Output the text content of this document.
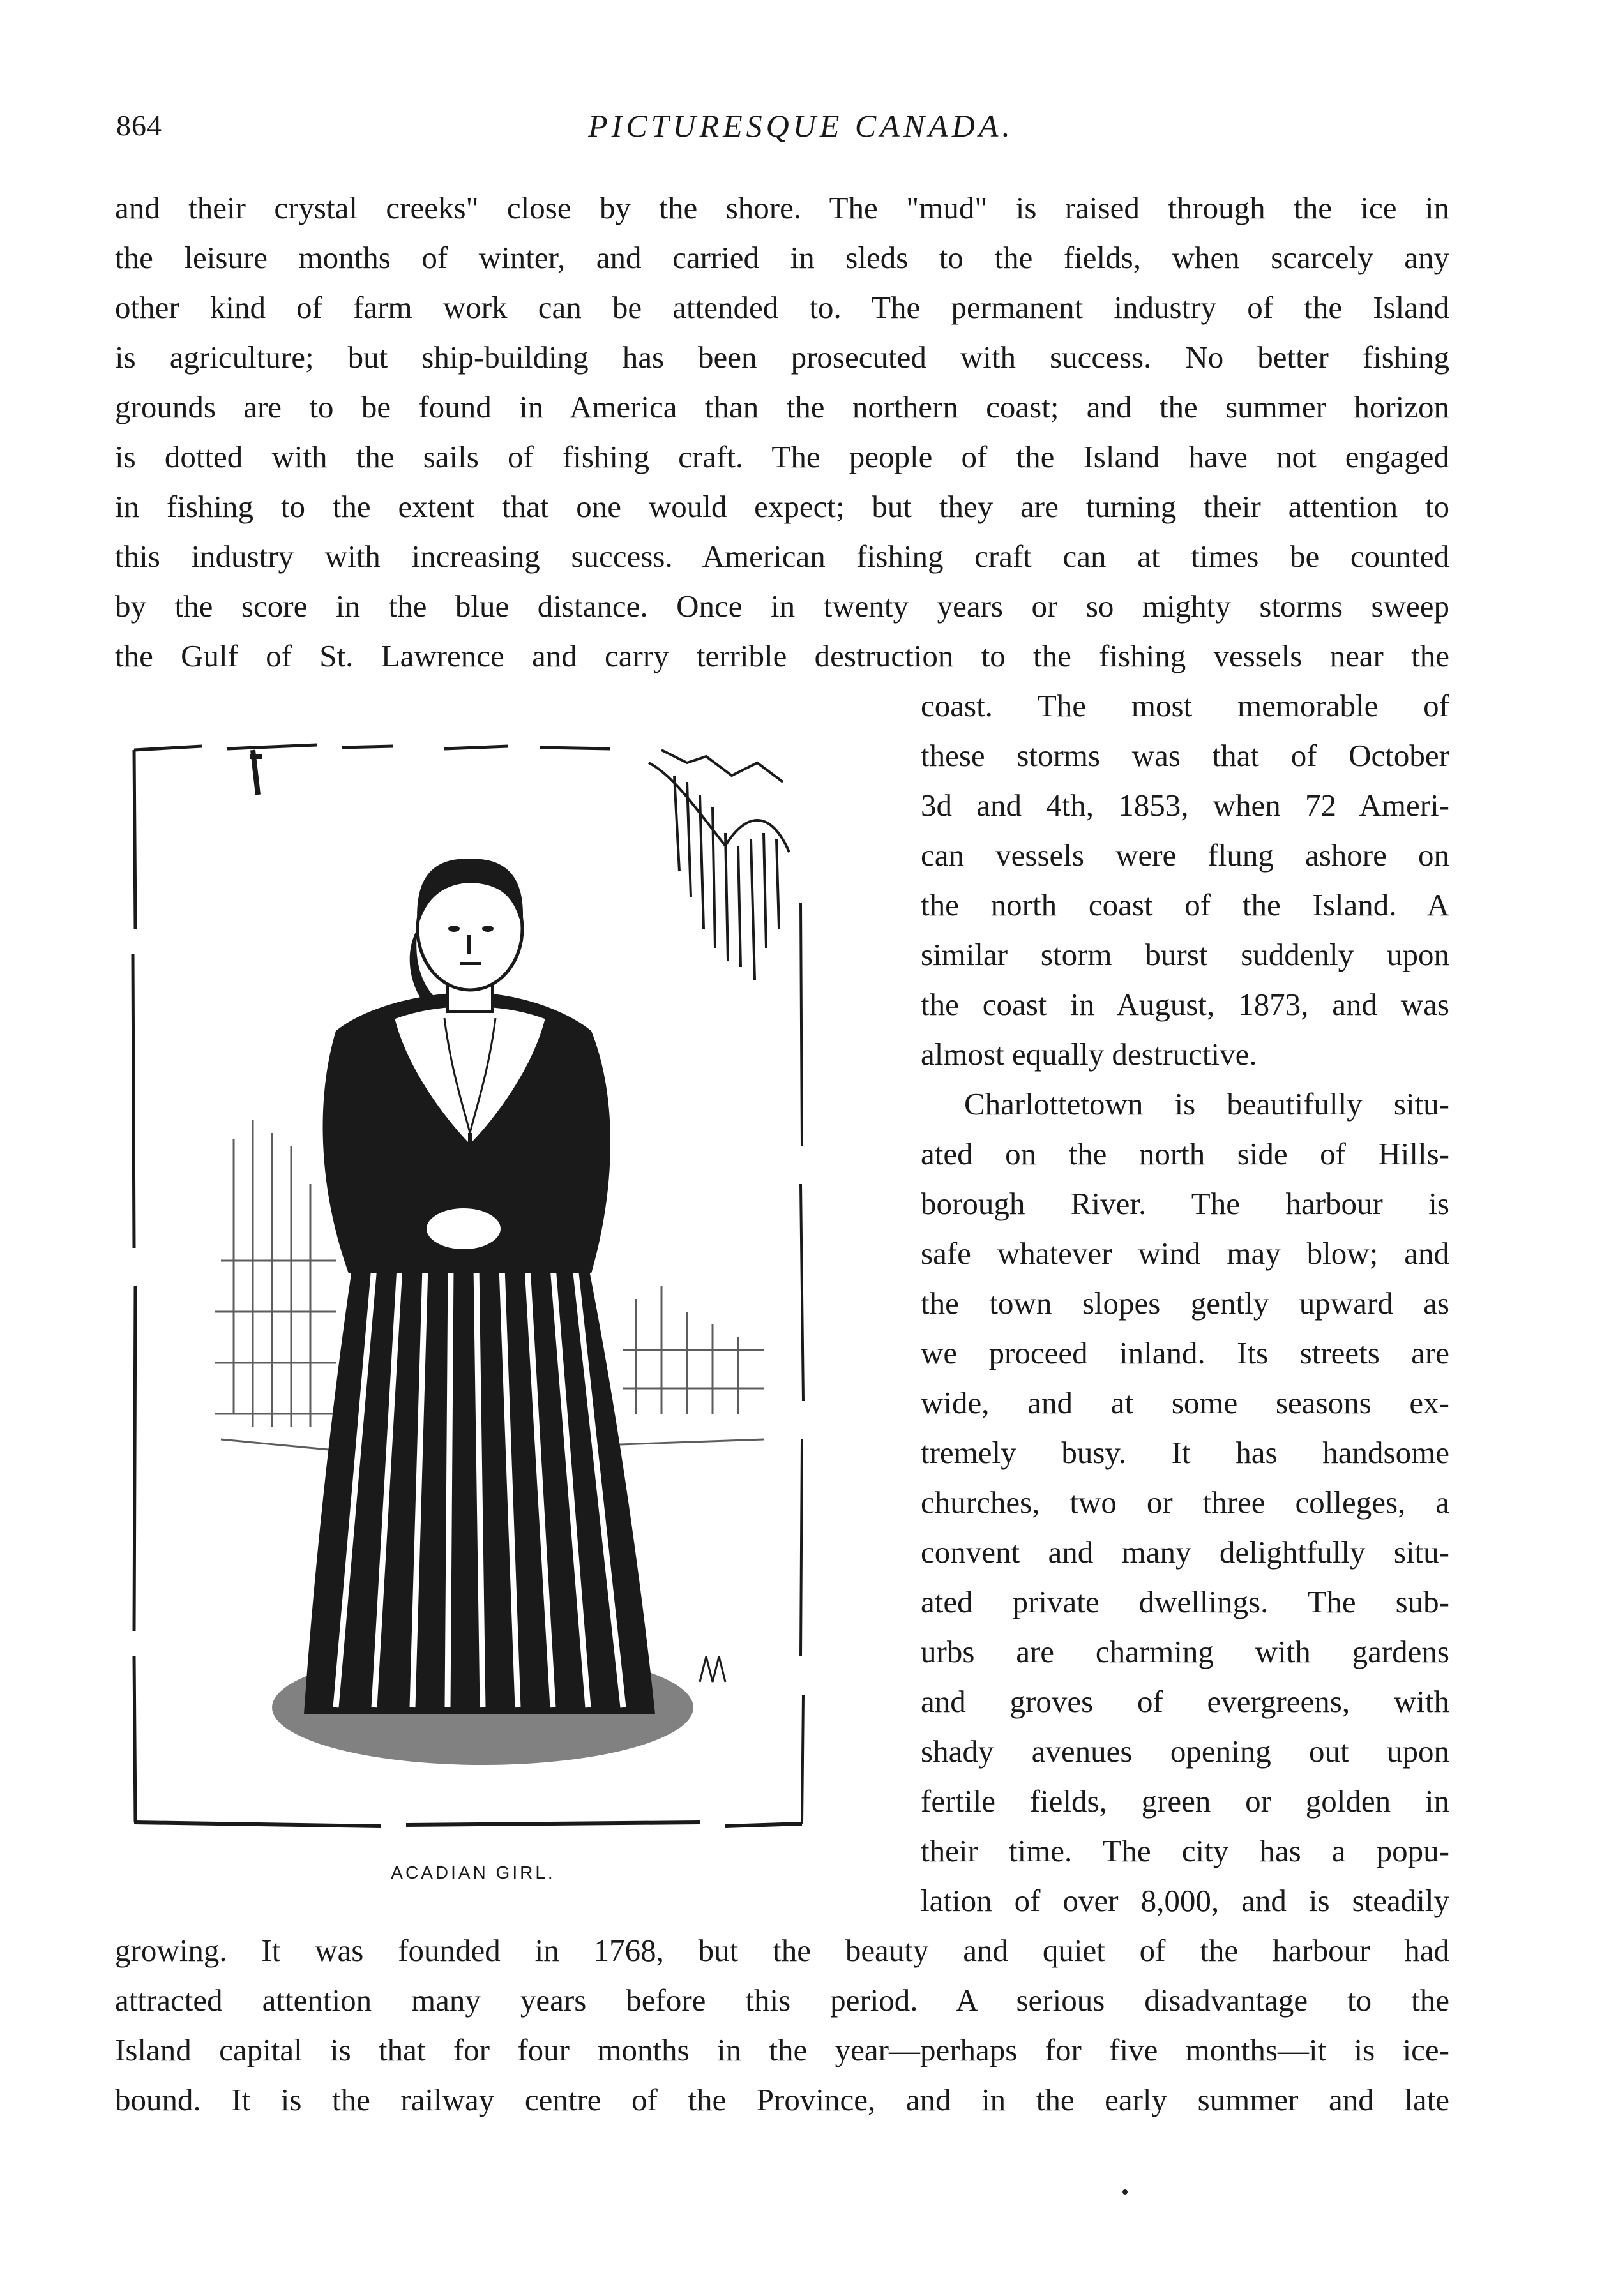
864	PICTURESQUE CANADA.
and their crystal creeks" close by the shore. The "mud" is raised through the ice in
the leisure months of winter, and carried in sleds to the fields, when scarcely any
other kind of farm work can be attended to. The permanent industry of the Island
is agriculture; but ship-building has been prosecuted with success. No better fishing
grounds are to be found in America than the northern coast; and the summer horizon
is dotted with the sails of fishing craft. The people of the Island have not engaged
in fishing to the extent that one would expect; but they are turning their attention to
this industry with increasing success. American fishing craft can at times be counted
by the score in the blue distance. Once in twenty years or so mighty storms sweep
the Gulf of St. Lawrence and carry terrible destruction to the fishing vessels near the
coast. The most memorable of
these storms was that of October
3d and 4th, 1853, when 72 Ameri-
can vessels were flung ashore on
the north coast of the Island. A
similar storm burst suddenly upon
the coast in August, 1873, and was
almost equally destructive.
Charlottetown is beautifully situ-
ated on the north side of Hills-
borough River. The harbour is
safe whatever wind may blow; and
the town slopes gently upward as
we proceed inland. Its streets are
wide, and at some seasons ex-
tremely busy. It has handsome
churches, two or three colleges, a
convent and many delightfully situ-
ated private dwellings. The sub-
urbs are charming with gardens
and groves of evergreens, with
shady avenues opening out upon
fertile fields, green or golden in
their time. The city has a popu-
lation of over 8,000, and is steadily
ACADIAN GIRL.
growing. It was founded in 1768, but the beauty and quiet of the harbour had
attracted attention many years before this period. A serious disadvantage to the
Island capital is that for four months in the year—perhaps for five months—it is ice-
bound. It is the railway centre of the Province, and in the early summer and late
